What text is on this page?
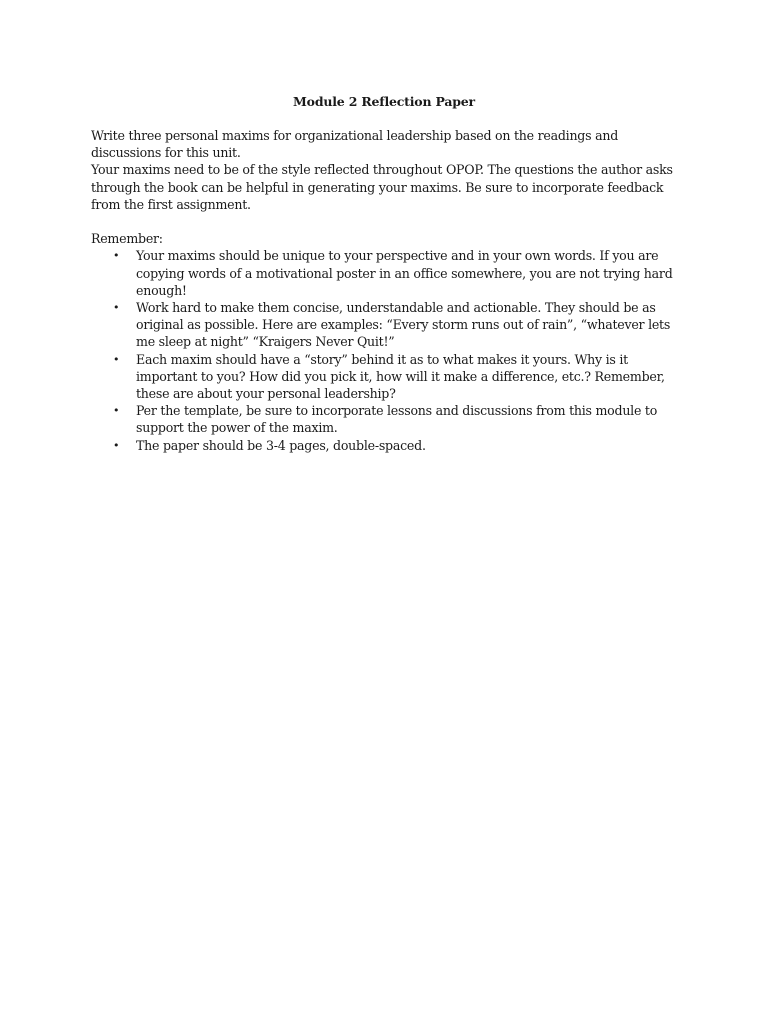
Module 2 Reflection Paper

Write three personal maxims for organizational leadership based on the readings and discussions for this unit.

Your maxims need to be of the style reflected throughout OPOP. The questions the author asks through the book can be helpful in generating your maxims. Be sure to incorporate feedback from the first assignment.

Remember:

• Your maxims should be unique to your perspective and in your own words. If you are copying words of a motivational poster in an office somewhere, you are not trying hard enough!
• Work hard to make them concise, understandable and actionable. They should be as original as possible. Here are examples: “Every storm runs out of rain”, “whatever lets me sleep at night” “Kraigers Never Quit!”
• Each maxim should have a “story” behind it as to what makes it yours. Why is it important to you? How did you pick it, how will it make a difference, etc.? Remember, these are about your personal leadership?
• Per the template, be sure to incorporate lessons and discussions from this module to support the power of the maxim.
• The paper should be 3-4 pages, double-spaced.
